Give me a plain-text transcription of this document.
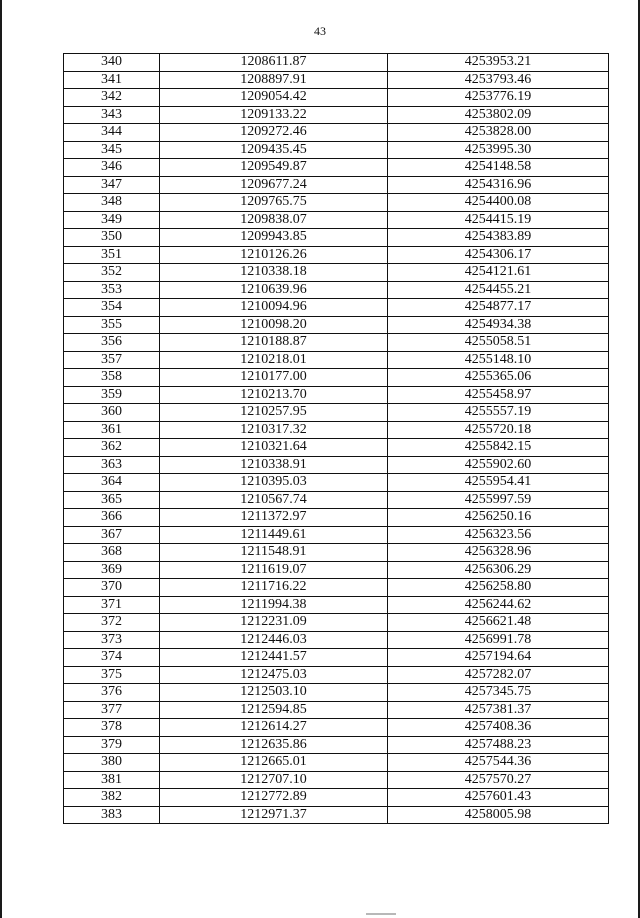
43
340	1208611.87	4253953.21
341	1208897.91	4253793.46
342	1209054.42	4253776.19
343	1209133.22	4253802.09
344	1209272.46	4253828.00
345	1209435.45	4253995.30
346	1209549.87	4254148.58
347	1209677.24	4254316.96
348	1209765.75	4254400.08
349	1209838.07	4254415.19
350	1209943.85	4254383.89
351	1210126.26	4254306.17
352	1210338.18	4254121.61
353	1210639.96	4254455.21
354	1210094.96	4254877.17
355	1210098.20	4254934.38
356	1210188.87	4255058.51
357	1210218.01	4255148.10
358	1210177.00	4255365.06
359	1210213.70	4255458.97
360	1210257.95	4255557.19
361	1210317.32	4255720.18
362	1210321.64	4255842.15
363	1210338.91	4255902.60
364	1210395.03	4255954.41
365	1210567.74	4255997.59
366	1211372.97	4256250.16
367	1211449.61	4256323.56
368	1211548.91	4256328.96
369	1211619.07	4256306.29
370	1211716.22	4256258.80
371	1211994.38	4256244.62
372	1212231.09	4256621.48
373	1212446.03	4256991.78
374	1212441.57	4257194.64
375	1212475.03	4257282.07
376	1212503.10	4257345.75
377	1212594.85	4257381.37
378	1212614.27	4257408.36
379	1212635.86	4257488.23
380	1212665.01	4257544.36
381	1212707.10	4257570.27
382	1212772.89	4257601.43
383	1212971.37	4258005.98
